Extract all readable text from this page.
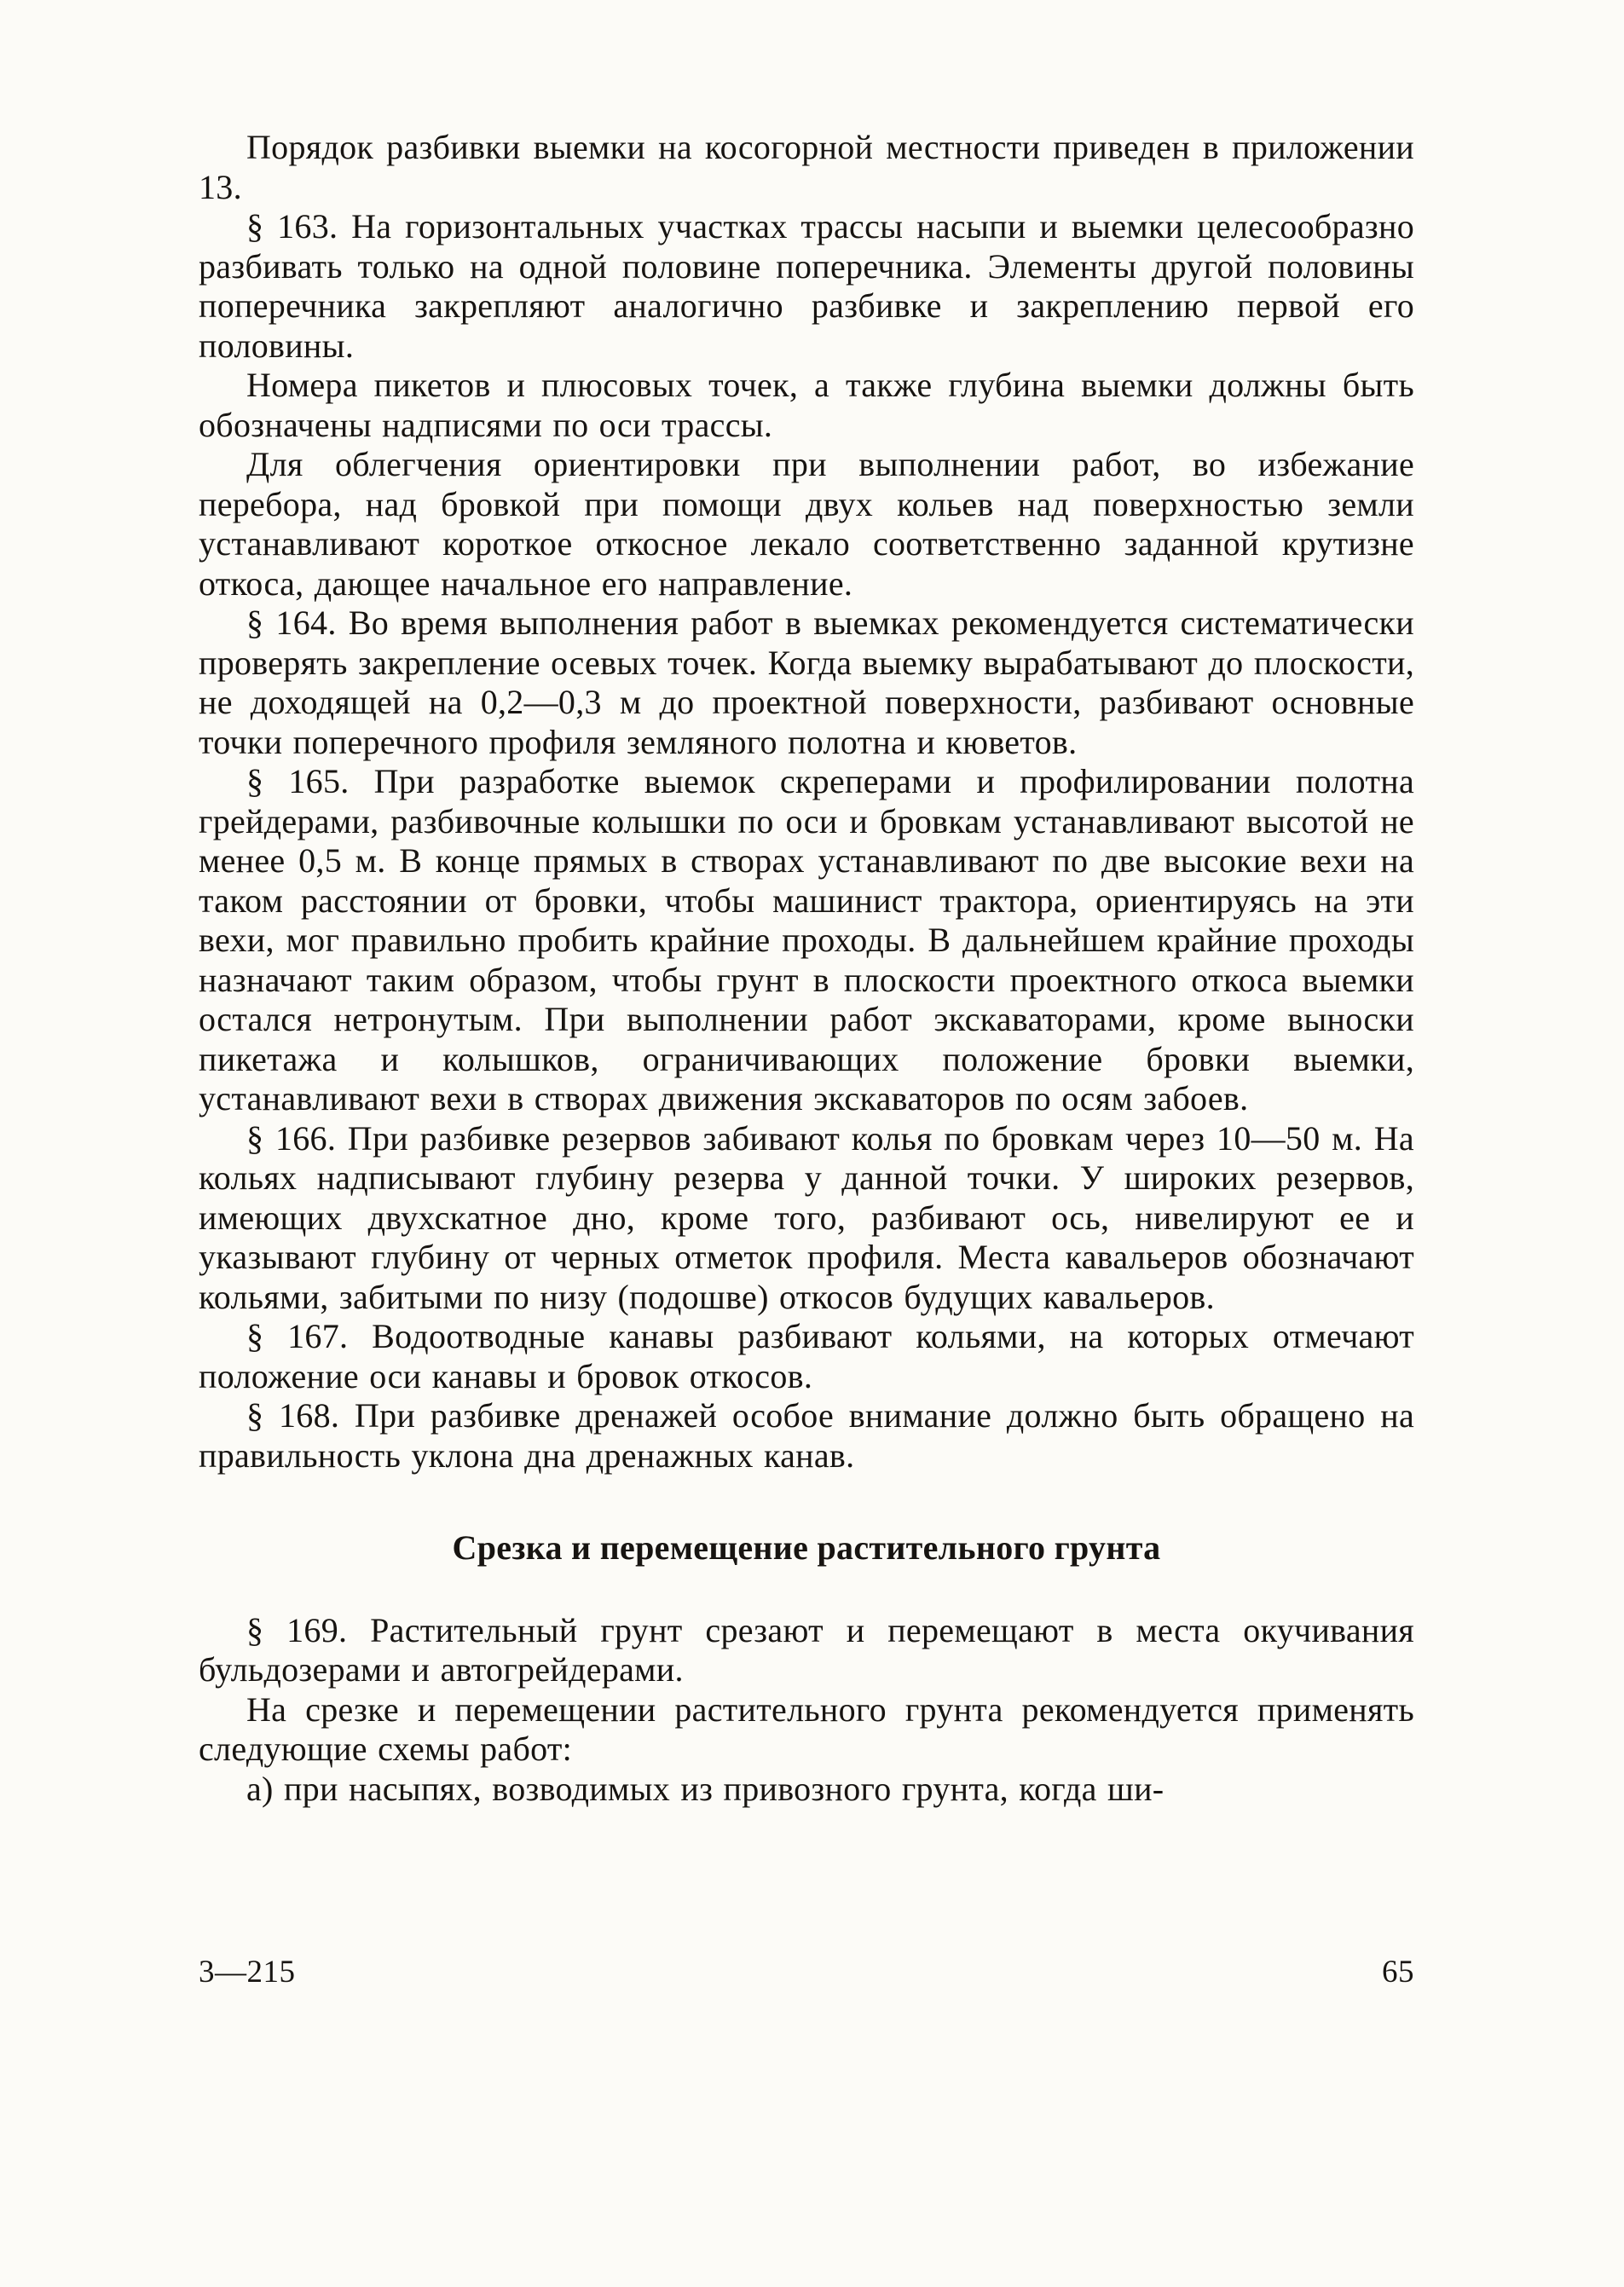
Порядок разбивки выемки на косогорной местности приведен в приложении 13.

§ 163. На горизонтальных участках трассы насыпи и выемки целесообразно разбивать только на одной половине поперечника. Элементы другой половины поперечника закрепляют аналогично разбивке и закреплению первой его половины.

Номера пикетов и плюсовых точек, а также глубина выемки должны быть обозначены надписями по оси трассы.

Для облегчения ориентировки при выполнении работ, во избежание перебора, над бровкой при помощи двух кольев над поверхностью земли устанавливают короткое откосное лекало соответственно заданной крутизне откоса, дающее начальное его направление.

§ 164. Во время выполнения работ в выемках рекомендуется систематически проверять закрепление осевых точек. Когда выемку вырабатывают до плоскости, не доходящей на 0,2—0,3 м до проектной поверхности, разбивают основные точки поперечного профиля земляного полотна и кюветов.

§ 165. При разработке выемок скреперами и профилировании полотна грейдерами, разбивочные колышки по оси и бровкам устанавливают высотой не менее 0,5 м. В конце прямых в створах устанавливают по две высокие вехи на таком расстоянии от бровки, чтобы машинист трактора, ориентируясь на эти вехи, мог правильно пробить крайние проходы. В дальнейшем крайние проходы назначают таким образом, чтобы грунт в плоскости проектного откоса выемки остался нетронутым. При выполнении работ экскаваторами, кроме выноски пикетажа и колышков, ограничивающих положение бровки выемки, устанавливают вехи в створах движения экскаваторов по осям забоев.

§ 166. При разбивке резервов забивают колья по бровкам через 10—50 м. На кольях надписывают глубину резерва у данной точки. У широких резервов, имеющих двухскатное дно, кроме того, разбивают ось, нивелируют ее и указывают глубину от черных отметок профиля. Места кавальеров обозначают кольями, забитыми по низу (подошве) откосов будущих кавальеров.

§ 167. Водоотводные канавы разбивают кольями, на которых отмечают положение оси канавы и бровок откосов.

§ 168. При разбивке дренажей особое внимание должно быть обращено на правильность уклона дна дренажных канав.

Срезка и перемещение растительного грунта

§ 169. Растительный грунт срезают и перемещают в места окучивания бульдозерами и автогрейдерами.

На срезке и перемещении растительного грунта рекомендуется применять следующие схемы работ:

а) при насыпях, возводимых из привозного грунта, когда ши-

3—215	65
